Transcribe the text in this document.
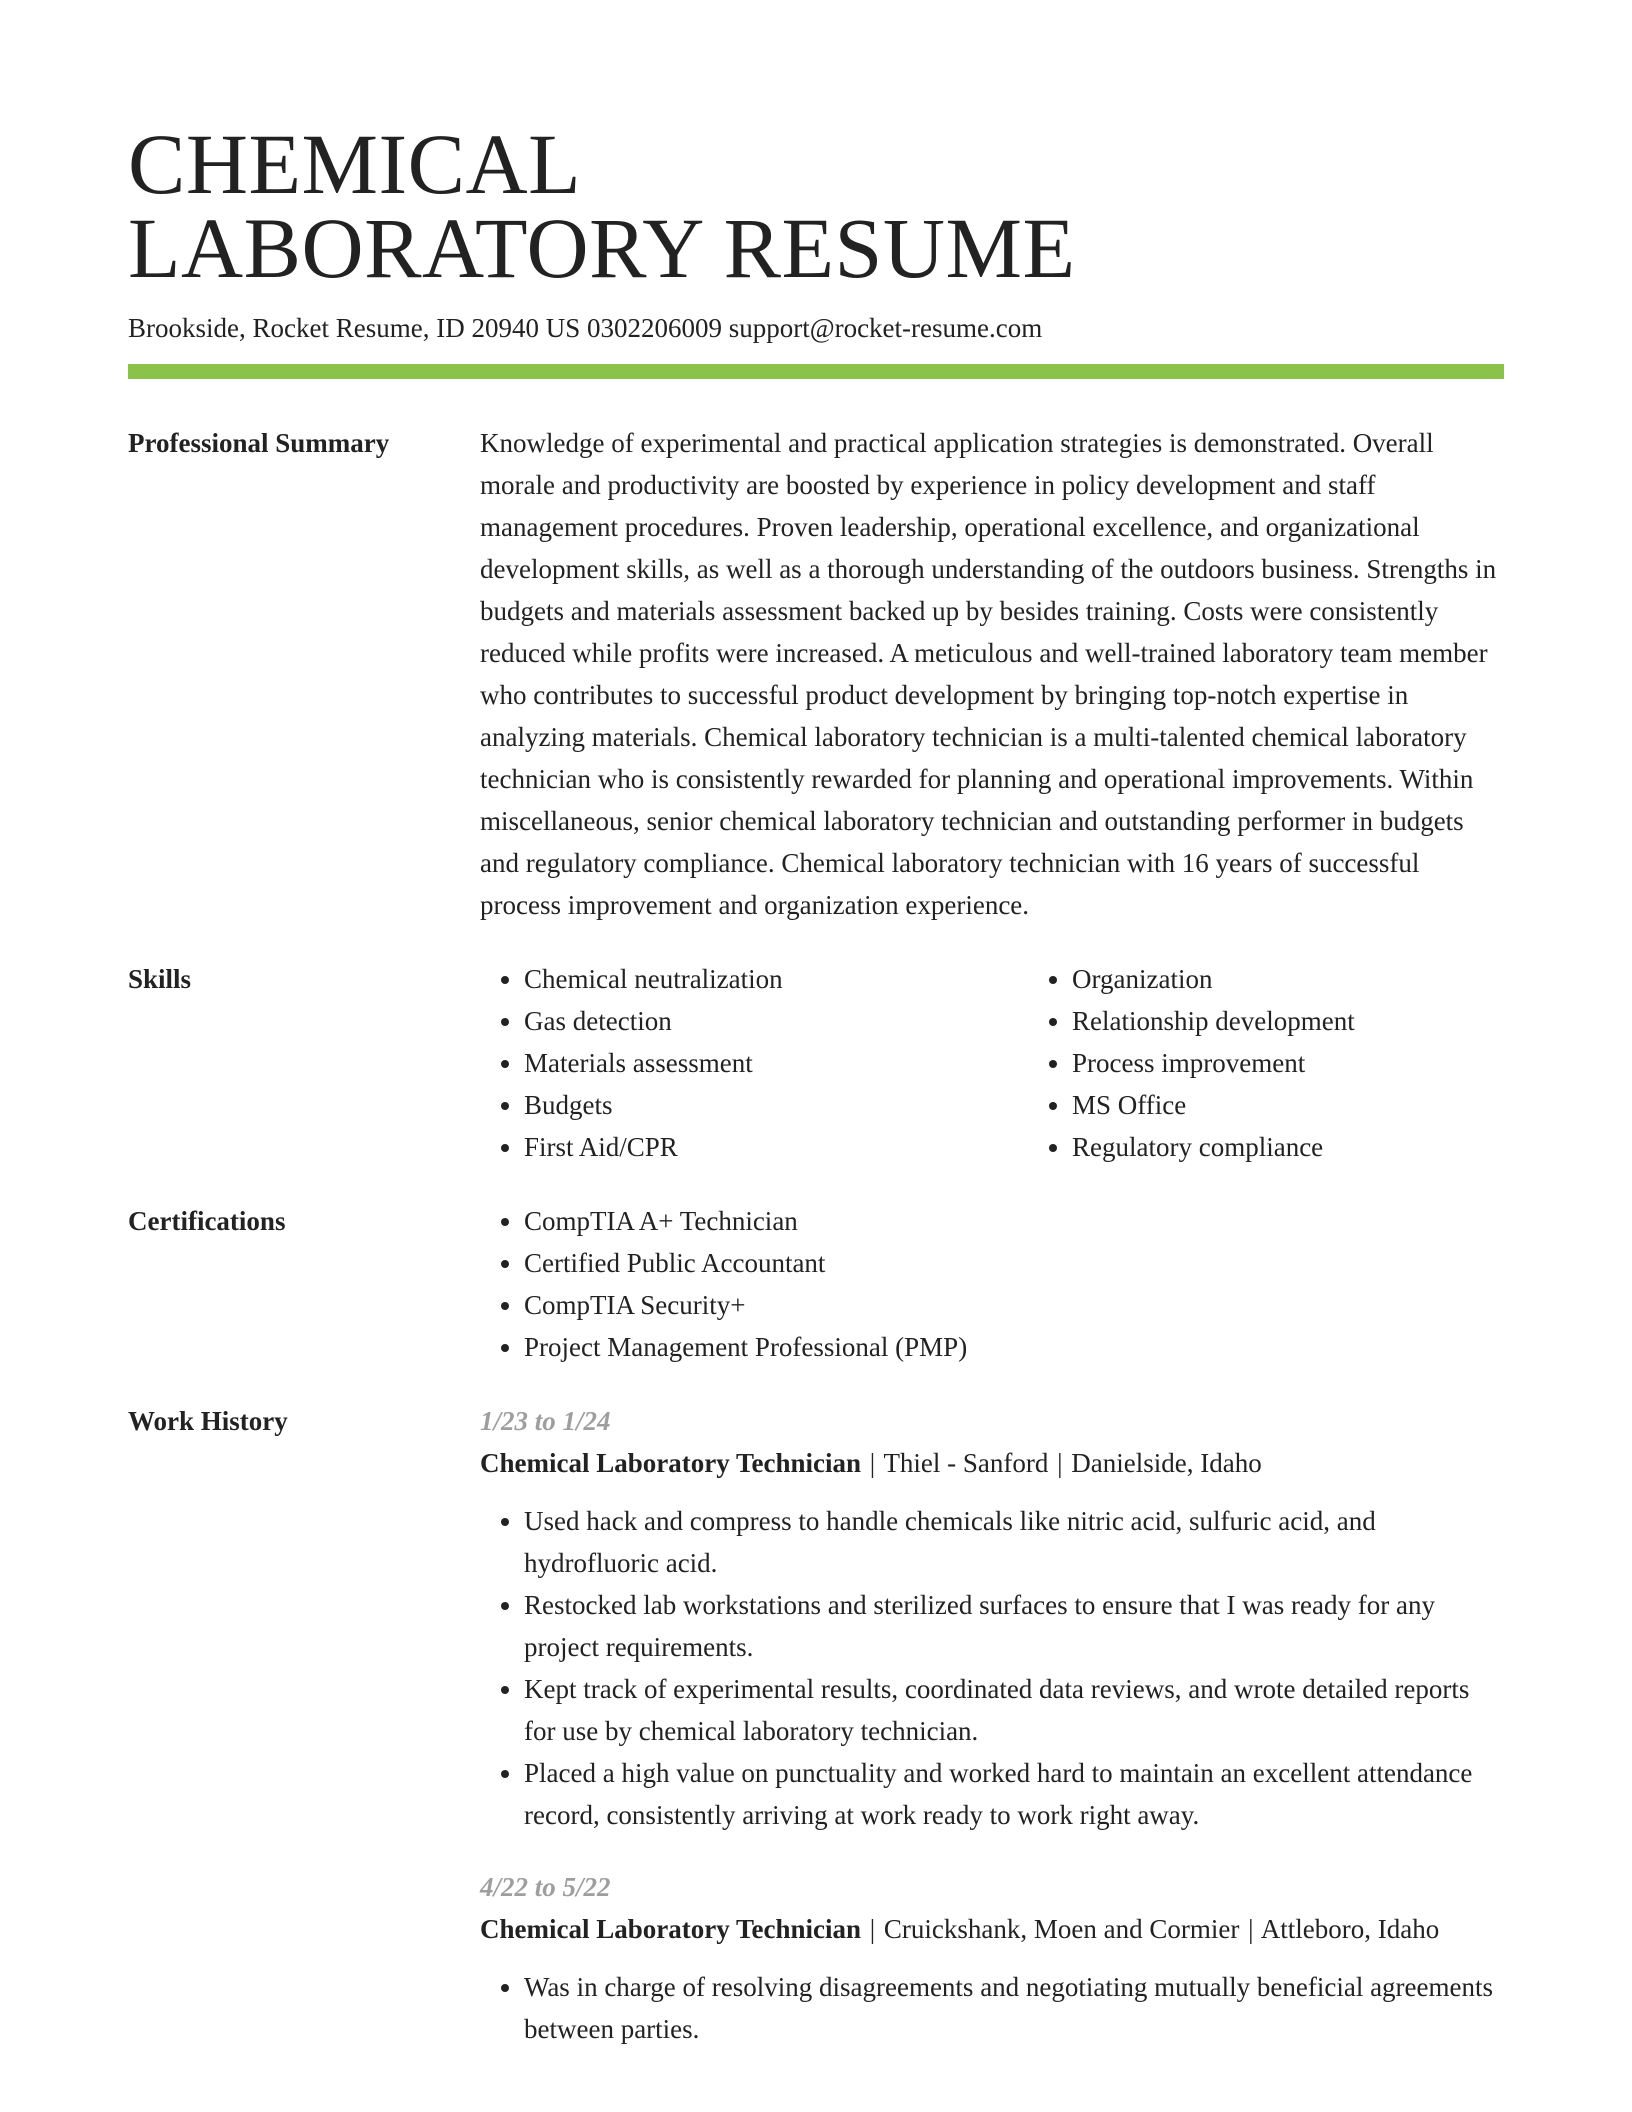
CHEMICAL
LABORATORY RESUME
Brookside, Rocket Resume, ID 20940 US 0302206009 support@rocket-resume.com
Professional Summary	Knowledge of experimental and practical application strategies is demonstrated. Overall morale and productivity are boosted by experience in policy development and staff management procedures. Proven leadership, operational excellence, and organizational development skills, as well as a thorough understanding of the outdoors business. Strengths in budgets and materials assessment backed up by besides training. Costs were consistently reduced while profits were increased. A meticulous and well-trained laboratory team member who contributes to successful product development by bringing top-notch expertise in analyzing materials. Chemical laboratory technician is a multi-talented chemical laboratory technician who is consistently rewarded for planning and operational improvements. Within miscellaneous, senior chemical laboratory technician and outstanding performer in budgets and regulatory compliance. Chemical laboratory technician with 16 years of successful process improvement and organization experience.
Skills	• Chemical neutralization
• Gas detection
• Materials assessment
• Budgets
• First Aid/CPR
• Organization
• Relationship development
• Process improvement
• MS Office
• Regulatory compliance
Certifications	• CompTIA A+ Technician
• Certified Public Accountant
• CompTIA Security+
• Project Management Professional (PMP)
Work History	1/23 to 1/24
Chemical Laboratory Technician | Thiel - Sanford | Danielside, Idaho
• Used hack and compress to handle chemicals like nitric acid, sulfuric acid, and hydrofluoric acid.
• Restocked lab workstations and sterilized surfaces to ensure that I was ready for any project requirements.
• Kept track of experimental results, coordinated data reviews, and wrote detailed reports for use by chemical laboratory technician.
• Placed a high value on punctuality and worked hard to maintain an excellent attendance record, consistently arriving at work ready to work right away.
4/22 to 5/22
Chemical Laboratory Technician | Cruickshank, Moen and Cormier | Attleboro, Idaho
• Was in charge of resolving disagreements and negotiating mutually beneficial agreements between parties.
